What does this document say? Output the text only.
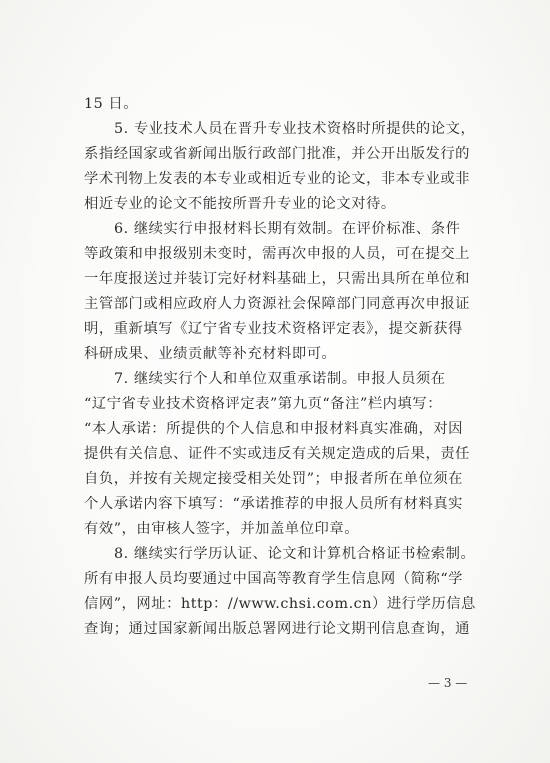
15 日。
5. 专业技术人员在晋升专业技术资格时所提供的论文，
系指经国家或省新闻出版行政部门批准，并公开出版发行的
学术刊物上发表的本专业或相近专业的论文，非本专业或非
相近专业的论文不能按所晋升专业的论文对待。
6. 继续实行申报材料长期有效制。在评价标准、条件
等政策和申报级别未变时，需再次申报的人员，可在提交上
一年度报送过并装订完好材料基础上，只需出具所在单位和
主管部门或相应政府人力资源社会保障部门同意再次申报证
明，重新填写《辽宁省专业技术资格评定表》，提交新获得
科研成果、业绩贡献等补充材料即可。
7. 继续实行个人和单位双重承诺制。申报人员须在
“辽宁省专业技术资格评定表”第九页“备注”栏内填写：
“本人承诺：所提供的个人信息和申报材料真实准确，对因
提供有关信息、证件不实或违反有关规定造成的后果，责任
自负，并按有关规定接受相关处罚”；申报者所在单位须在
个人承诺内容下填写：“承诺推荐的申报人员所有材料真实
有效”，由审核人签字，并加盖单位印章。
8. 继续实行学历认证、论文和计算机合格证书检索制。
所有申报人员均要通过中国高等教育学生信息网（简称“学
信网”，网址：http：//www.chsi.com.cn）进行学历信息
查询；通过国家新闻出版总署网进行论文期刊信息查询，通
— 3 —
